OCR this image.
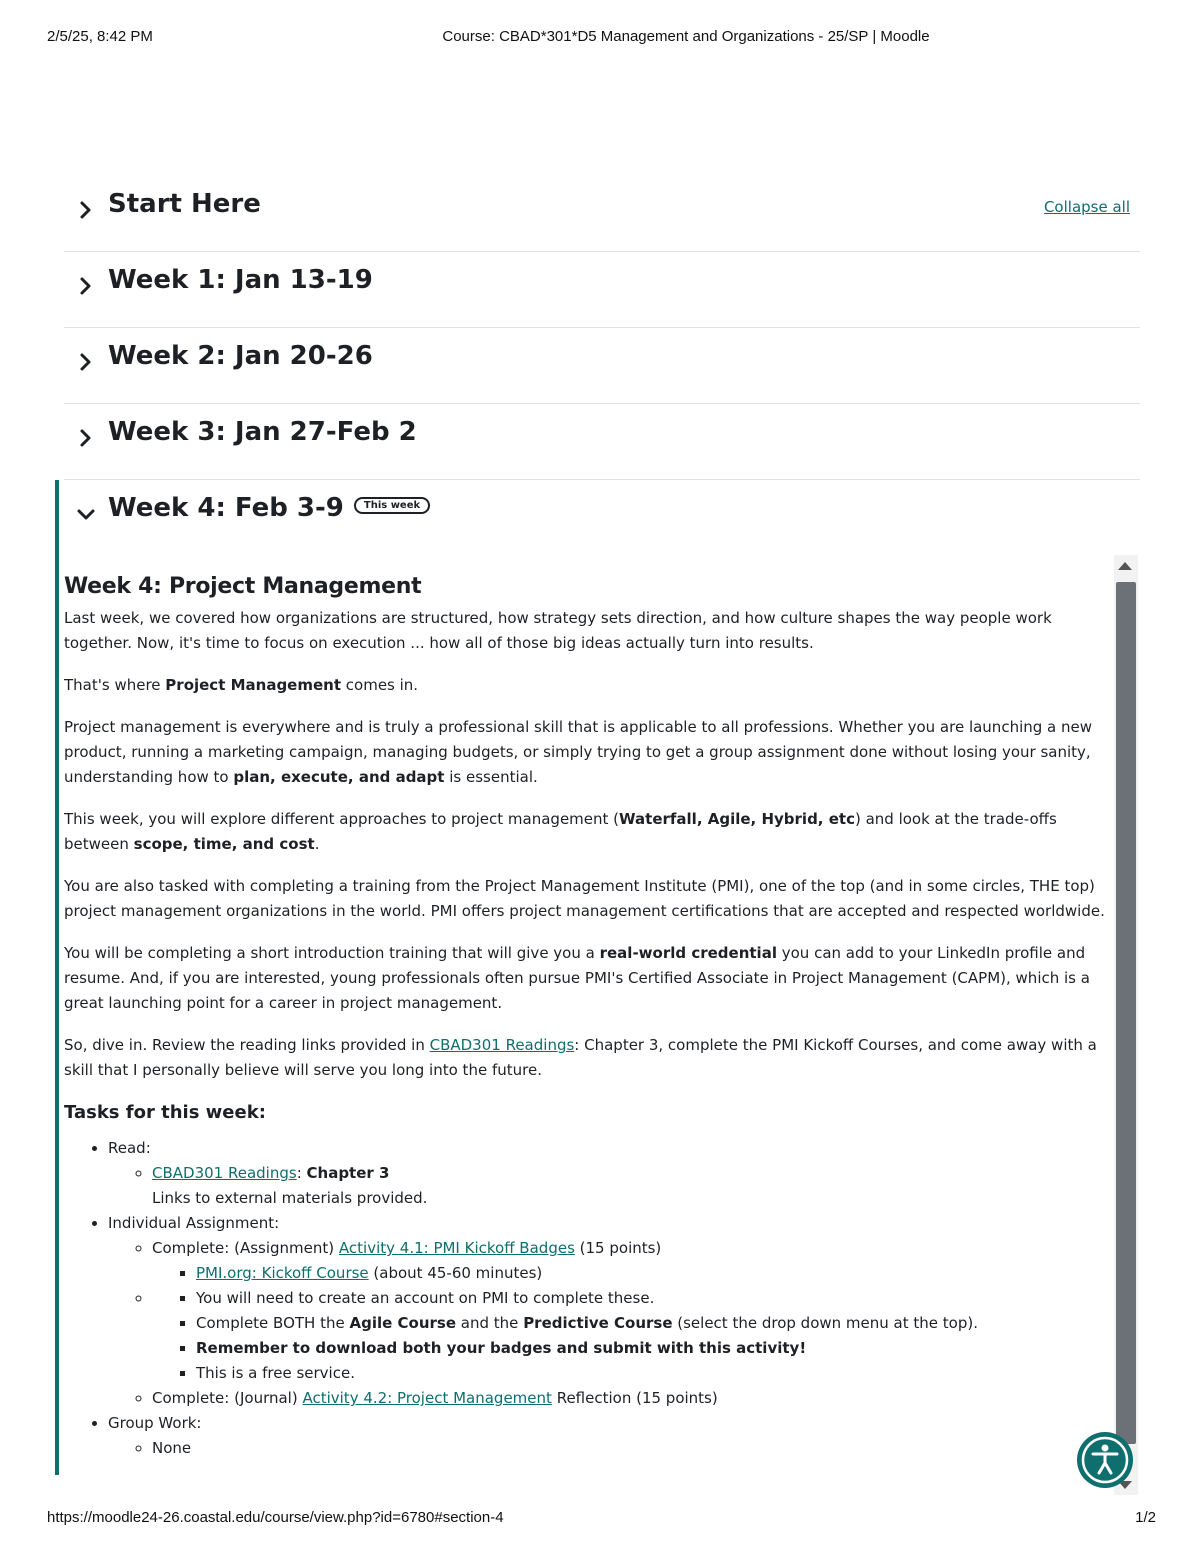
2/5/25, 8:42 PM	Course: CBAD*301*D5 Management and Organizations - 25/SP | Moodle
Start Here	Collapse all
Week 1: Jan 13-19
Week 2: Jan 20-26
Week 3: Jan 27-Feb 2
Week 4: Feb 3-9 This week
Week 4: Project Management

Last week, we covered how organizations are structured, how strategy sets direction, and how culture shapes the way people work together. Now, it's time to focus on execution ... how all of those big ideas actually turn into results.

That's where Project Management comes in.

Project management is everywhere and is truly a professional skill that is applicable to all professions. Whether you are launching a new product, running a marketing campaign, managing budgets, or simply trying to get a group assignment done without losing your sanity, understanding how to plan, execute, and adapt is essential.

This week, you will explore different approaches to project management (Waterfall, Agile, Hybrid, etc) and look at the trade-offs between scope, time, and cost.

You are also tasked with completing a training from the Project Management Institute (PMI), one of the top (and in some circles, THE top) project management organizations in the world. PMI offers project management certifications that are accepted and respected worldwide.

You will be completing a short introduction training that will give you a real-world credential you can add to your LinkedIn profile and resume. And, if you are interested, young professionals often pursue PMI's Certified Associate in Project Management (CAPM), which is a great launching point for a career in project management.

So, dive in. Review the reading links provided in CBAD301 Readings: Chapter 3, complete the PMI Kickoff Courses, and come away with a skill that I personally believe will serve you long into the future.

Tasks for this week:
• Read:
◦ CBAD301 Readings: Chapter 3
Links to external materials provided.
• Individual Assignment:
◦ Complete: (Assignment) Activity 4.1: PMI Kickoff Badges (15 points)
▪ PMI.org: Kickoff Course (about 45-60 minutes)
▪ ◦ You will need to create an account on PMI to complete these.
▪ Complete BOTH the Agile Course and the Predictive Course (select the drop down menu at the top).
▪ Remember to download both your badges and submit with this activity!
▪ This is a free service.
◦ Complete: (Journal) Activity 4.2: Project Management Reflection (15 points)
• Group Work:
◦ None
https://moodle24-26.coastal.edu/course/view.php?id=6780#section-4	1/2
